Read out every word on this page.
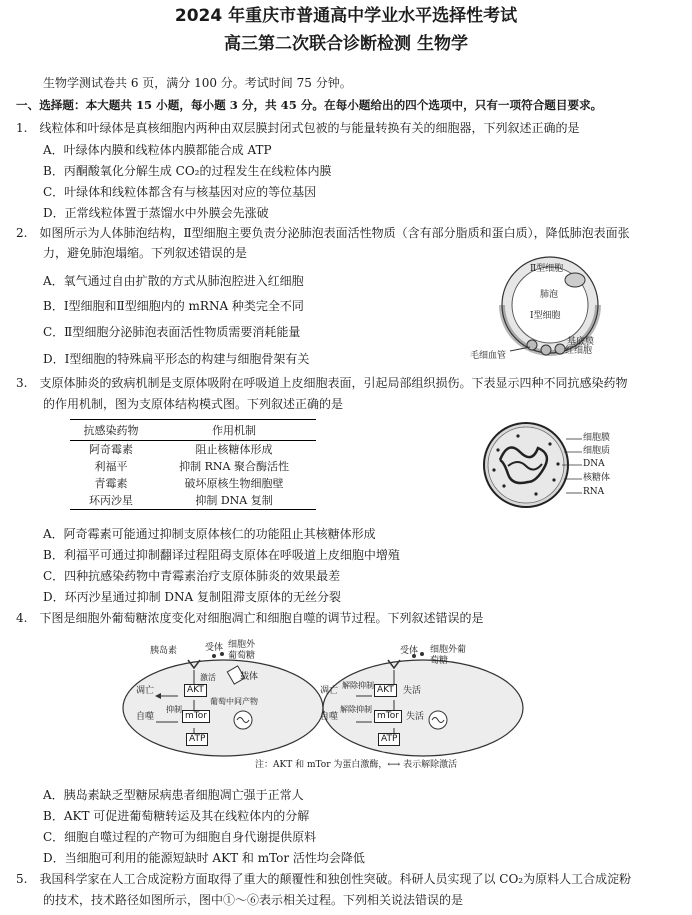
2024 年重庆市普通高中学业水平选择性考试
高三第二次联合诊断检测 生物学
生物学测试卷共 6 页，满分 100 分。考试时间 75 分钟。
一、选择题：本大题共 15 小题，每小题 3 分，共 45 分。在每小题给出的四个选项中，只有一项符合题目要求。
1.　线粒体和叶绿体是真核细胞内两种由双层膜封闭式包被的与能量转换有关的细胞器，下列叙述正确的是
A．叶绿体内膜和线粒体内膜都能合成 ATP
B．丙酮酸氧化分解生成 CO₂的过程发生在线粒体内膜
C．叶绿体和线粒体都含有与核基因对应的等位基因
D．正常线粒体置于蒸馏水中外膜会先涨破
2.　如图所示为人体肺泡结构，Ⅱ型细胞主要负责分泌肺泡表面活性物质（含有部分脂质和蛋白质），降低肺泡表面张
力，避免肺泡塌缩。下列叙述错误的是
A．氧气通过自由扩散的方式从肺泡腔进入红细胞
B．I型细胞和Ⅱ型细胞内的 mRNA 种类完全不同
C．Ⅱ型细胞分泌肺泡表面活性物质需要消耗能量
D．I型细胞的特殊扁平形态的构建与细胞骨架有关
Ⅱ型细胞
肺泡
I型细胞
基底膜
红细胞
毛细血管
3.　支原体肺炎的致病机制是支原体吸附在呼吸道上皮细胞表面，引起局部组织损伤。下表显示四种不同抗感染药物
的作用机制，图为支原体结构模式图。下列叙述正确的是
抗感染药物	作用机制
阿奇霉素	阻止核糖体形成
利福平	抑制 RNA 聚合酶活性
青霉素	破坏原核生物细胞壁
环丙沙星	抑制 DNA 复制
细胞膜
细胞质
DNA
核糖体
RNA
A．阿奇霉素可能通过抑制支原体核仁的功能阻止其核糖体形成
B．利福平可通过抑制翻译过程阻碍支原体在呼吸道上皮细胞中增殖
C．四种抗感染药物中青霉素治疗支原体肺炎的效果最差
D．环丙沙星通过抑制 DNA 复制阻滞支原体的无丝分裂
4.　下图是细胞外葡萄糖浓度变化对细胞凋亡和细胞自噬的调节过程。下列叙述错误的是
胰岛素	受体 细胞外葡萄糖
载体
激活
凋亡	AKT
葡萄中间产物
抑制
自噬	mTor
ATP
受体 细胞外葡萄糖
解除抑制
凋亡	AKT	失活
解除抑制
自噬	mTor 失活
ATP
注：AKT 和 mTor 为蛋白激酶，⟷ 表示解除激活
A．胰岛素缺乏型糖尿病患者细胞凋亡强于正常人
B．AKT 可促进葡萄糖转运及其在线粒体内的分解
C．细胞自噬过程的产物可为细胞自身代谢提供原料
D．当细胞可利用的能源短缺时 AKT 和 mTor 活性均会降低
5.　我国科学家在人工合成淀粉方面取得了重大的颠覆性和独创性突破。科研人员实现了以 CO₂为原料人工合成淀粉
的技术，技术路径如图所示，图中①～⑥表示相关过程。下列相关说法错误的是
